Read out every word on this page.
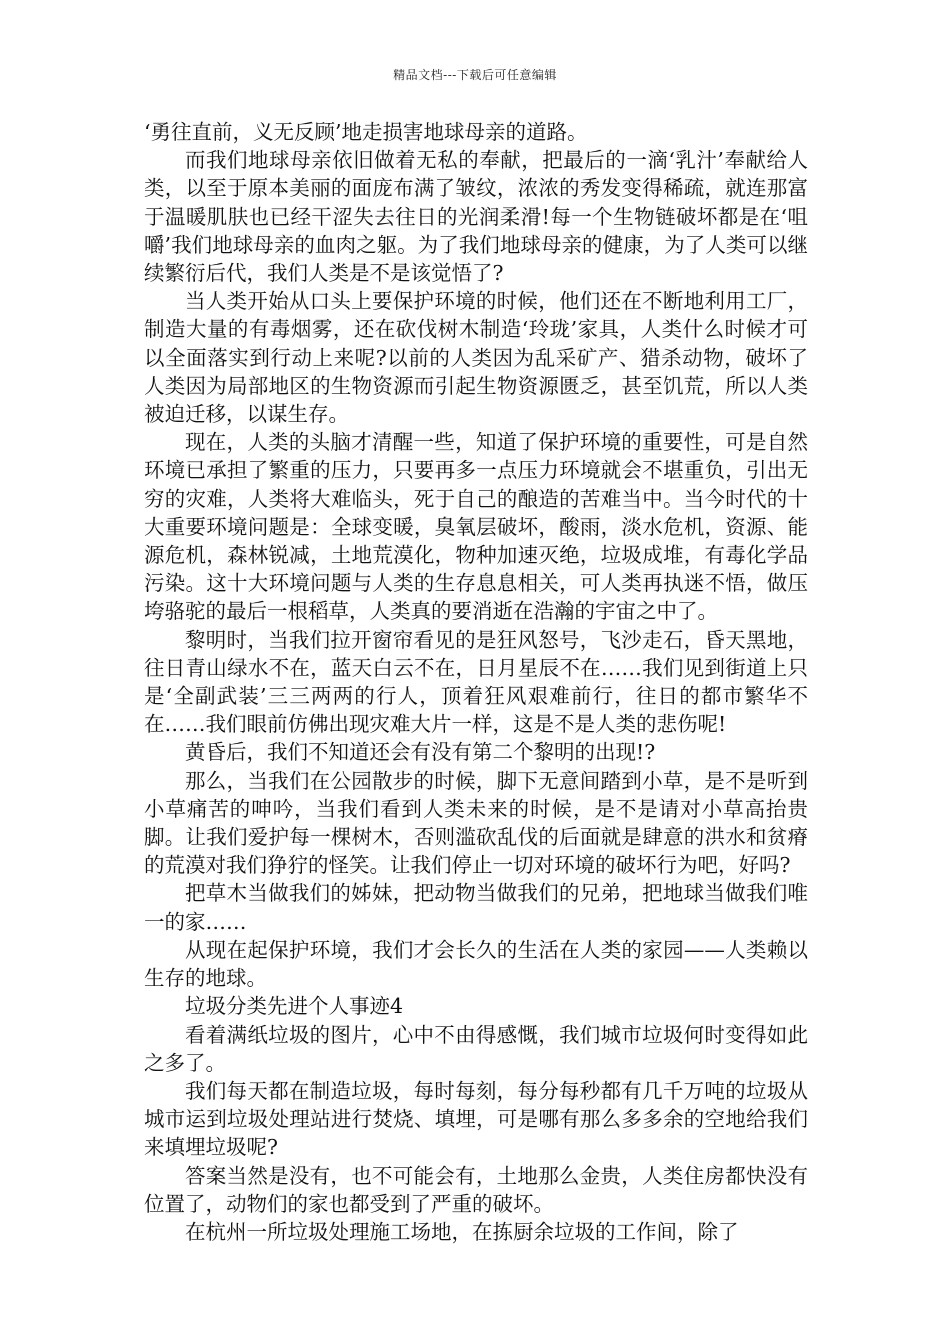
精品文档---下载后可任意编辑

‘勇往直前，义无反顾’地走损害地球母亲的道路。

而我们地球母亲依旧做着无私的奉献，把最后的一滴‘乳汁’奉献给人类，以至于原本美丽的面庞布满了皱纹，浓浓的秀发变得稀疏，就连那富于温暖肌肤也已经干涩失去往日的光润柔滑!每一个生物链破坏都是在‘咀嚼’我们地球母亲的血肉之躯。为了我们地球母亲的健康，为了人类可以继续繁衍后代，我们人类是不是该觉悟了?

当人类开始从口头上要保护环境的时候，他们还在不断地利用工厂，制造大量的有毒烟雾，还在砍伐树木制造‘玲珑’家具，人类什么时候才可以全面落实到行动上来呢?以前的人类因为乱采矿产、猎杀动物，破坏了人类因为局部地区的生物资源而引起生物资源匮乏，甚至饥荒，所以人类被迫迁移，以谋生存。

现在，人类的头脑才清醒一些，知道了保护环境的重要性，可是自然环境已承担了繁重的压力，只要再多一点压力环境就会不堪重负，引出无穷的灾难，人类将大难临头，死于自己的酿造的苦难当中。当今时代的十大重要环境问题是：全球变暖，臭氧层破坏，酸雨，淡水危机，资源、能源危机，森林锐减，土地荒漠化，物种加速灭绝，垃圾成堆，有毒化学品污染。这十大环境问题与人类的生存息息相关，可人类再执迷不悟，做压垮骆驼的最后一根稻草，人类真的要消逝在浩瀚的宇宙之中了。

黎明时，当我们拉开窗帘看见的是狂风怒号，飞沙走石，昏天黑地，往日青山绿水不在，蓝天白云不在，日月星辰不在……我们见到街道上只是‘全副武装’三三两两的行人，顶着狂风艰难前行，往日的都市繁华不在……我们眼前仿佛出现灾难大片一样，这是不是人类的悲伤呢!

黄昏后，我们不知道还会有没有第二个黎明的出现!?

那么，当我们在公园散步的时候，脚下无意间踏到小草，是不是听到小草痛苦的呻吟，当我们看到人类未来的时候，是不是请对小草高抬贵脚。让我们爱护每一棵树木，否则滥砍乱伐的后面就是肆意的洪水和贫瘠的荒漠对我们狰狞的怪笑。让我们停止一切对环境的破坏行为吧，好吗?

把草木当做我们的姊妹，把动物当做我们的兄弟，把地球当做我们唯一的家……

从现在起保护环境，我们才会长久的生活在人类的家园——人类赖以生存的地球。

垃圾分类先进个人事迹4

看着满纸垃圾的图片，心中不由得感慨，我们城市垃圾何时变得如此之多了。

我们每天都在制造垃圾，每时每刻，每分每秒都有几千万吨的垃圾从城市运到垃圾处理站进行焚烧、填埋，可是哪有那么多多余的空地给我们来填埋垃圾呢?

答案当然是没有，也不可能会有，土地那么金贵，人类住房都快没有位置了，动物们的家也都受到了严重的破坏。

在杭州一所垃圾处理施工场地，在拣厨余垃圾的工作间，除了
